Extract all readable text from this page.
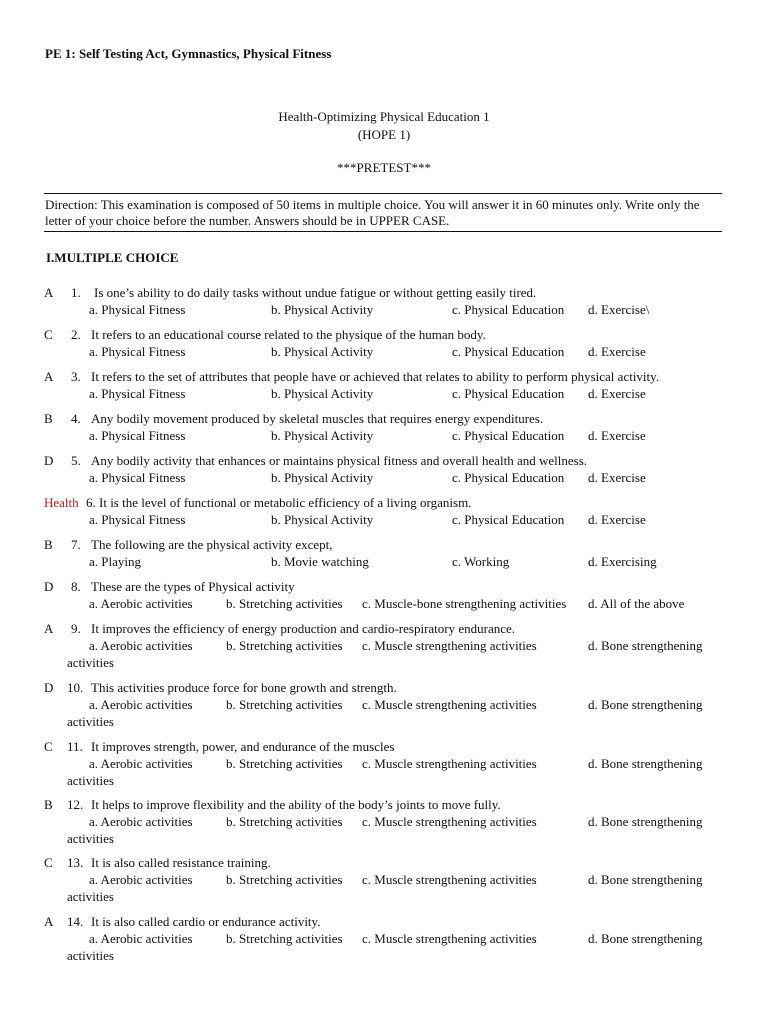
PE 1: Self Testing Act, Gymnastics, Physical Fitness
Health-Optimizing Physical Education 1
(HOPE 1)
***PRETEST***
Direction: This examination is composed of 50 items in multiple choice. You will answer it in 60 minutes only. Write only the letter of your choice before the number. Answers should be in UPPER CASE.
I.MULTIPLE CHOICE
A 1. Is one’s ability to do daily tasks without undue fatigue or without getting easily tired.
a. Physical Fitness	b. Physical Activity	c. Physical Education d. Exercise\
C 2. It refers to an educational course related to the physique of the human body.
a. Physical Fitness	b. Physical Activity	c. Physical Education d. Exercise
A 3. It refers to the set of attributes that people have or achieved that relates to ability to perform physical activity.
a. Physical Fitness	b. Physical Activity	c. Physical Education d. Exercise
B 4. Any bodily movement produced by skeletal muscles that requires energy expenditures.
a. Physical Fitness	b. Physical Activity	c. Physical Education d. Exercise
D 5. Any bodily activity that enhances or maintains physical fitness and overall health and wellness.
a. Physical Fitness	b. Physical Activity	c. Physical Education d. Exercise
Health 6. It is the level of functional or metabolic efficiency of a living organism.
a. Physical Fitness	b. Physical Activity	c. Physical Education d. Exercise
B 7. The following are the physical activity except,
a. Playing	b. Movie watching	c. Working	d. Exercising
D 8. These are the types of Physical activity
a. Aerobic activities	b. Stretching activities c. Muscle-bone strengthening activities d. All of the above
A 9. It improves the efficiency of energy production and cardio-respiratory endurance.
a. Aerobic activities	b. Stretching activities c. Muscle strengthening activities	d. Bone strengthening
activities
D 10. This activities produce force for bone growth and strength.
a. Aerobic activities	b. Stretching activities c. Muscle strengthening activities	d. Bone strengthening
activities
C 11. It improves strength, power, and endurance of the muscles
a. Aerobic activities	b. Stretching activities c. Muscle strengthening activities	d. Bone strengthening
activities
B 12. It helps to improve flexibility and the ability of the body’s joints to move fully.
a. Aerobic activities	b. Stretching activities c. Muscle strengthening activities	d. Bone strengthening
activities
C 13. It is also called resistance training.
a. Aerobic activities	b. Stretching activities c. Muscle strengthening activities	d. Bone strengthening
activities
A 14. It is also called cardio or endurance activity.
a. Aerobic activities	b. Stretching activities c. Muscle strengthening activities	d. Bone strengthening
activities
